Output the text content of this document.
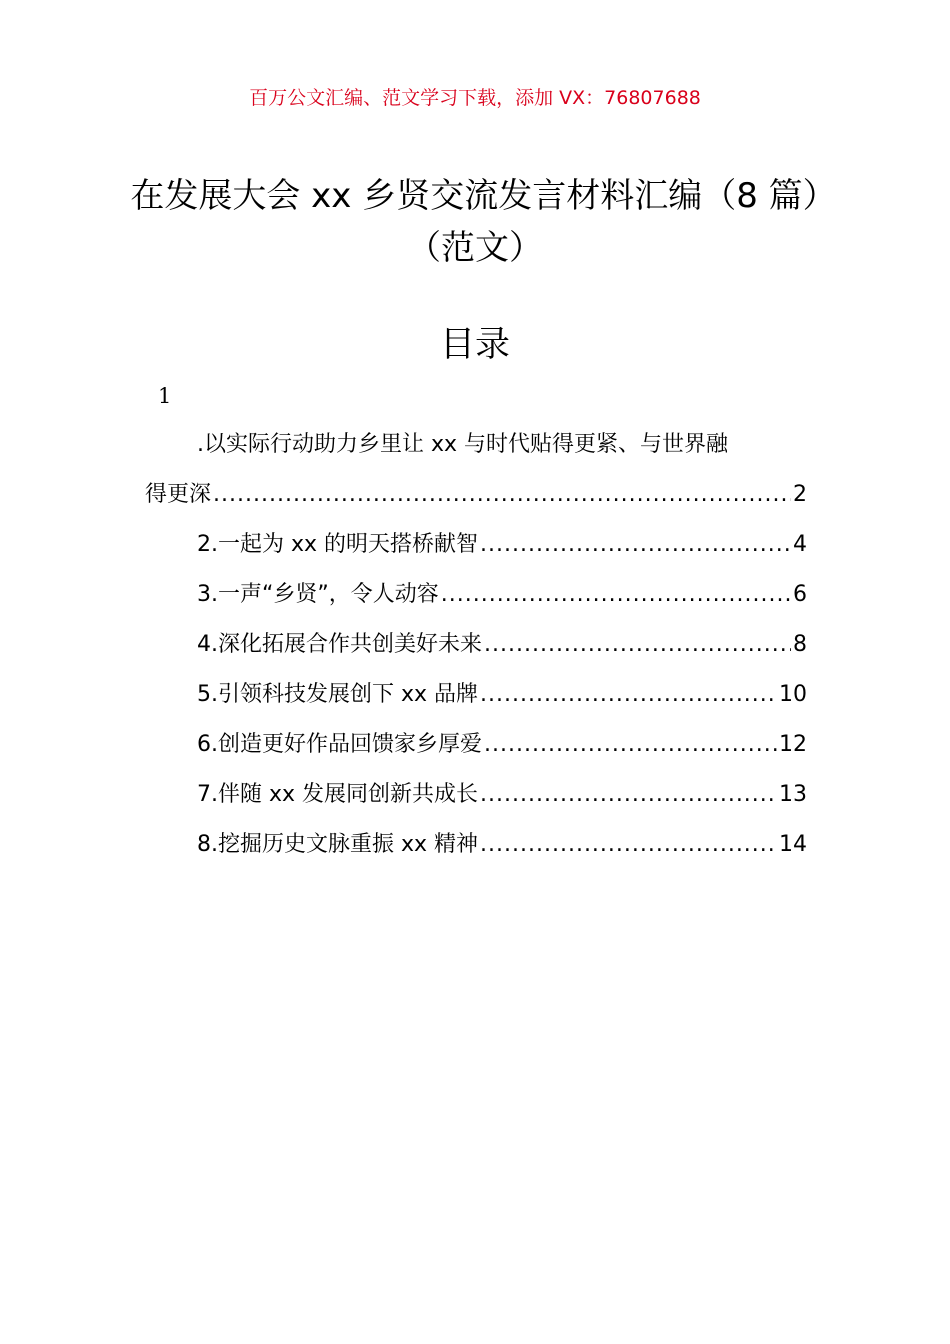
百万公文汇编、范文学习下载，添加 VX：76807688
在发展大会 xx 乡贤交流发言材料汇编（8 篇）（范文）
目录
1
.以实际行动助力乡里让 xx 与时代贴得更紧、与世界融
得更深 .....	2
2.一起为 xx 的明天搭桥献智 .....	4
3.一声“乡贤”，令人动容 .....	6
4.深化拓展合作共创美好未来 .....	8
5.引领科技发展创下 xx 品牌 .....	10
6.创造更好作品回馈家乡厚爱 .....	12
7.伴随 xx 发展同创新共成长 .....	13
8.挖掘历史文脉重振 xx 精神 .....	14
